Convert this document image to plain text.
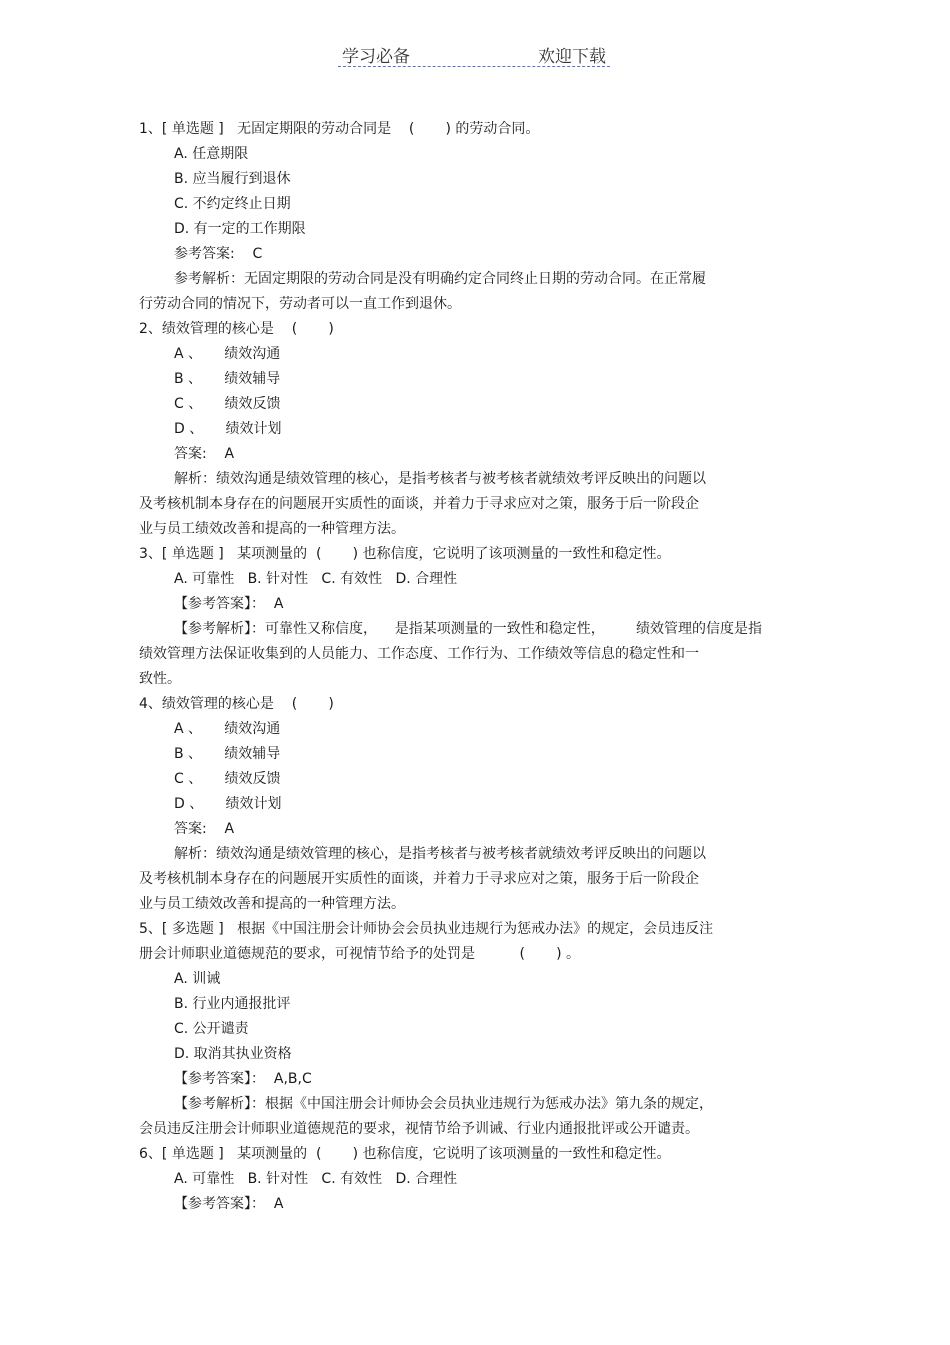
学习必备	欢迎下载
1、[ 单选题 ]   无固定期限的劳动合同是    (       ) 的劳动合同。
A. 任意期限
B. 应当履行到退休
C. 不约定终止日期
D. 有一定的工作期限
参考答案:    C
参考解析：无固定期限的劳动合同是没有明确约定合同终止日期的劳动合同。在正常履
行劳动合同的情况下，劳动者可以一直工作到退休。
2、绩效管理的核心是    (       )
A 、     绩效沟通
B 、     绩效辅导
C 、     绩效反馈
D 、     绩效计划
答案:    A
解析：绩效沟通是绩效管理的核心，是指考核者与被考核者就绩效考评反映出的问题以
及考核机制本身存在的问题展开实质性的面谈，并着力于寻求应对之策，服务于后一阶段企
业与员工绩效改善和提高的一种管理方法。
3、[ 单选题 ]   某项测量的  (       ) 也称信度，它说明了该项测量的一致性和稳定性。
A. 可靠性   B. 针对性   C. 有效性   D. 合理性
【参考答案】：  A
【参考解析】：可靠性又称信度，    是指某项测量的一致性和稳定性，       绩效管理的信度是指
绩效管理方法保证收集到的人员能力、工作态度、工作行为、工作绩效等信息的稳定性和一
致性。
4、绩效管理的核心是    (       )
A 、     绩效沟通
B 、     绩效辅导
C 、     绩效反馈
D 、     绩效计划
答案:    A
解析：绩效沟通是绩效管理的核心，是指考核者与被考核者就绩效考评反映出的问题以
及考核机制本身存在的问题展开实质性的面谈，并着力于寻求应对之策，服务于后一阶段企
业与员工绩效改善和提高的一种管理方法。
5、[ 多选题 ]   根据《中国注册会计师协会会员执业违规行为惩戒办法》的规定，会员违反注
册会计师职业道德规范的要求，可视情节给予的处罚是          (       ) 。
A. 训诫
B. 行业内通报批评
C. 公开谴责
D. 取消其执业资格
【参考答案】：  A,B,C
【参考解析】：根据《中国注册会计师协会会员执业违规行为惩戒办法》第九条的规定，
会员违反注册会计师职业道德规范的要求，视情节给予训诫、行业内通报批评或公开谴责。
6、[ 单选题 ]   某项测量的  (       ) 也称信度，它说明了该项测量的一致性和稳定性。
A. 可靠性   B. 针对性   C. 有效性   D. 合理性
【参考答案】：  A
